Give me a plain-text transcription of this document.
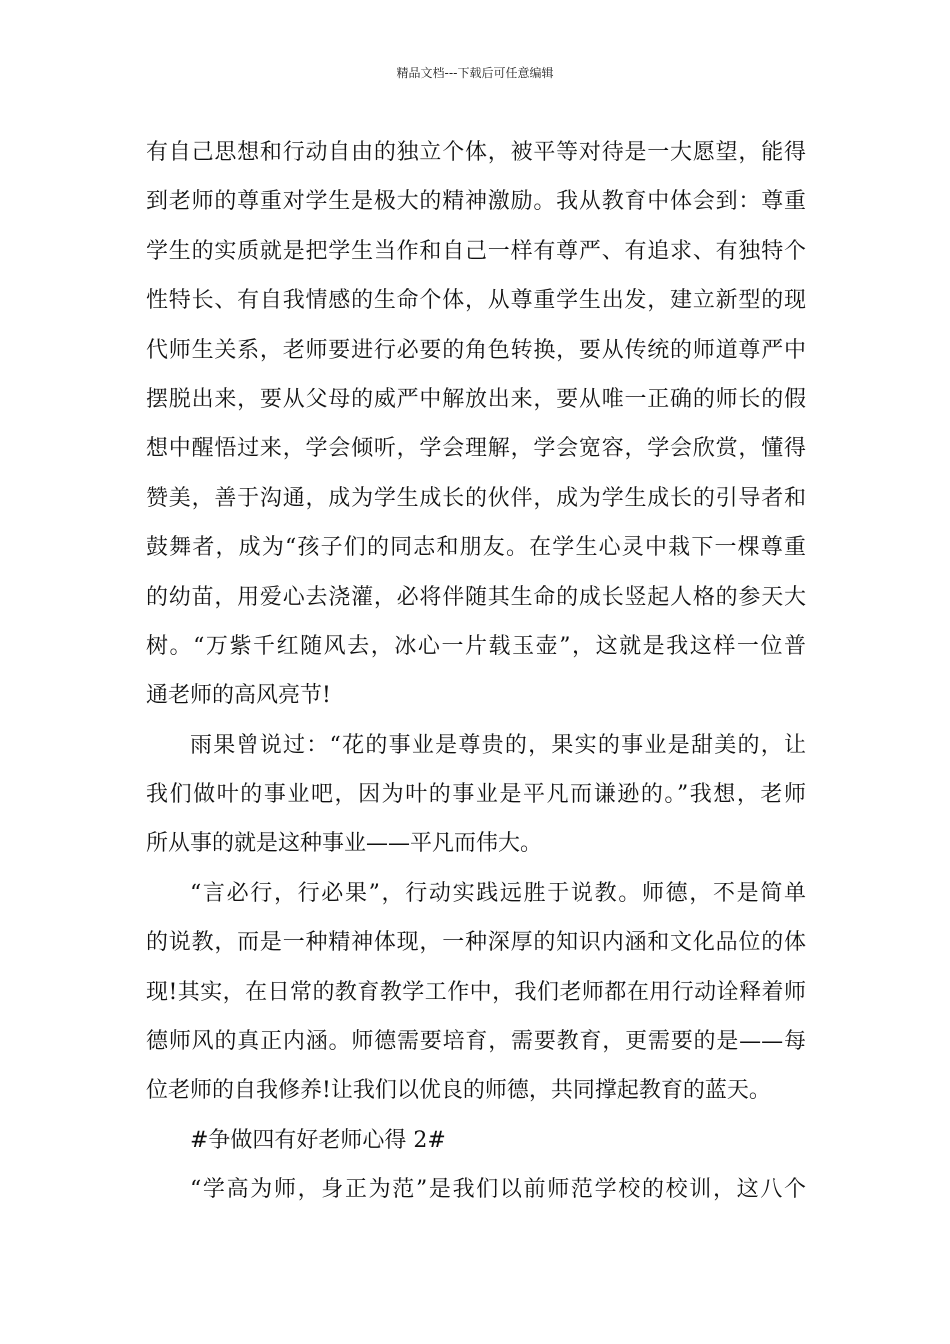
精品文档---下载后可任意编辑
有自己思想和行动自由的独立个体，被平等对待是一大愿望，能得
到老师的尊重对学生是极大的精神激励。我从教育中体会到：尊重
学生的实质就是把学生当作和自己一样有尊严、有追求、有独特个
性特长、有自我情感的生命个体，从尊重学生出发，建立新型的现
代师生关系，老师要进行必要的角色转换，要从传统的师道尊严中
摆脱出来，要从父母的威严中解放出来，要从唯一正确的师长的假
想中醒悟过来，学会倾听，学会理解，学会宽容，学会欣赏，懂得
赞美，善于沟通，成为学生成长的伙伴，成为学生成长的引导者和
鼓舞者，成为“孩子们的同志和朋友。在学生心灵中栽下一棵尊重
的幼苗，用爱心去浇灌，必将伴随其生命的成长竖起人格的参天大
树。“万紫千红随风去，冰心一片载玉壶”，这就是我这样一位普
通老师的高风亮节!
雨果曾说过：“花的事业是尊贵的，果实的事业是甜美的，让
我们做叶的事业吧，因为叶的事业是平凡而谦逊的。”我想，老师
所从事的就是这种事业——平凡而伟大。
“言必行，行必果”，行动实践远胜于说教。师德，不是简单
的说教，而是一种精神体现，一种深厚的知识内涵和文化品位的体
现!其实，在日常的教育教学工作中，我们老师都在用行动诠释着师
德师风的真正内涵。师德需要培育，需要教育，更需要的是——每
位老师的自我修养!让我们以优良的师德，共同撑起教育的蓝天。
#争做四有好老师心得 2#
“学高为师，身正为范”是我们以前师范学校的校训，这八个
